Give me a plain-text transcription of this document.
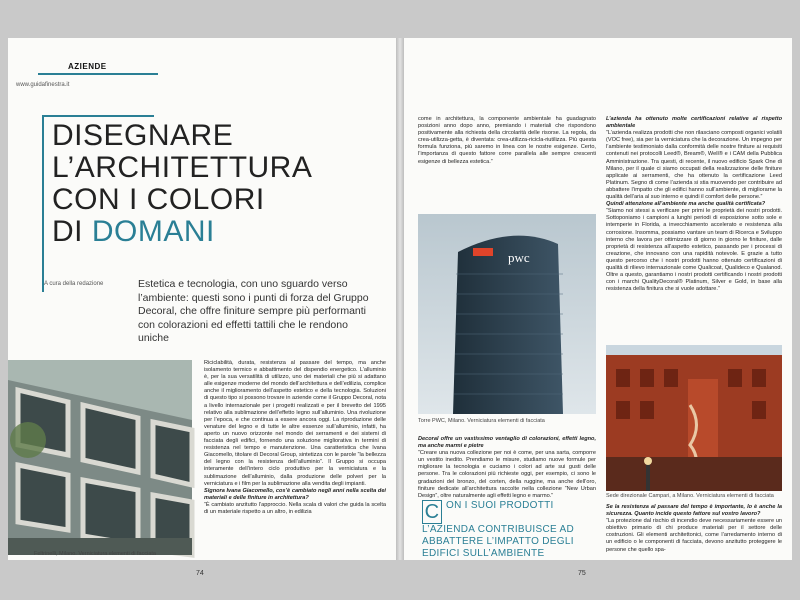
AZIENDE
www.guidafinestra.it
DISEGNARE
L’ARCHITETTURA
CON I COLORI
DI DOMANI
A cura della redazione	Estetica e tecnologia, con uno sguardo verso l’ambiente: questi sono i punti di forza del Gruppo Decoral, che offre finiture sempre più performanti con colorazioni ed effetti tattili che le rendono uniche
Feltrinelli, Milano. Verniciatura elementi di facciata
Riciclabilità, durata, resistenza al passare del tempo, ma anche isolamento termico e abbattimento del dispendio energetico. L’alluminio è, per la sua versatilità di utilizzo, uno dei materiali che più si adattano alle esigenze moderne del mondo dell’architettura e dell’edilizia, complice anche il miglioramento dell’aspetto estetico e della tecnologia. Soluzioni di questo tipo si possono trovare in aziende come il Gruppo Decoral, nota a livello internazionale per i progetti realizzati e per il brevetto del 1995 relativo alla sublimazione dell’effetto legno sull’alluminio. Una rivoluzione per l’epoca, e che continua a essere ancora oggi. La riproduzione delle venature del legno e di tutte le altre essenze sull’alluminio, infatti, ha aperto un nuovo orizzonte nel mondo dei serramenti e dei sistemi di facciata degli edifici, fornendo una soluzione migliorativa in termini di resistenza nel tempo e manutenzione. Una caratteristica che Ivana Giacomello, titolare di Decoral Group, sintetizza con le parole “la bellezza del legno con la resistenza dell’alluminio”. Il Gruppo si occupa interamente dell’intero ciclo produttivo per la verniciatura e la sublimazione dell’alluminio, dalla produzione delle polveri per la verniciatura e i film per la sublimazione alla vendita degli impianti.
Signora Ivana Giacomello, cos’è cambiato negli anni nella scelta dei materiali e delle finiture in architettura?
“È cambiato anzitutto l’approccio. Nella scala di valori che guida la scelta di un materiale rispetto a un altro, in edilizia
74
come in architettura, la componente ambientale ha guadagnato posizioni anno dopo anno, premiando i materiali che rispondono positivamente alla richiesta della circolarità delle risorse. La regola, da crea-utilizza-getta, è diventata: crea-utilizza-ricicla-riutilizza. Più questa formula funziona, più saremo in linea con le nostre esigenze. Certo, l’importanza di questo fattore corre parallela alle sempre crescenti esigenze di bellezza estetica.”
pwc
Torre PWC, Milano. Verniciatura elementi di facciata
Decoral offre un vastissimo ventaglio di colorazioni, effetti legno, ma anche marmi e pietre
“Creare una nuova collezione per noi è come, per una sarta, comporre un vestito inedito. Prendiamo le misure, studiamo nuove formule per migliorare la tecnologia e cuciamo i colori ad arte sui gusti delle persone. Tra le colorazioni più richieste oggi, per esempio, ci sono le gradazioni del bronzo, del corten, della ruggine, ma anche dell’oro, finiture dedicate all’architettura raccolte nella collezione “New Urban Design”, oltre naturalmente agli effetti legno e marmo.”
C ON I SUOI PRODOTTI L’AZIENDA CONTRIBUISCE AD ABBATTERE L’IMPATTO DEGLI EDIFICI SULL’AMBIENTE
75
L’azienda ha ottenuto molte certificazioni relative al rispetto ambientale
“L’azienda realizza prodotti che non rilasciano composti organici volatili (VOC free), sia per la verniciatura che la decorazione. Un impegno per l’ambiente testimoniato dalla conformità delle nostre finiture ai requisiti contenuti nei protocolli Leed®, Bream®, Well® e i CAM della Pubblica Amministrazione. Tra questi, di recente, il nuovo edificio Spark One di Milano, per il quale ci siamo occupati della realizzazione delle finiture applicate ai serramenti, che ha ottenuto la certificazione Leed Platinum. Segno di come l’azienda si stia muovendo per contribuire ad abbattere l’impatto che gli edifici hanno sull’ambiente, di migliorarne la qualità dell’aria al suo interno e quindi il comfort delle persone.”
Quindi attenzione all’ambiente ma anche qualità certificata?
“Siamo noi stessi a verificare per primi le proprietà dei nostri prodotti. Sottoponiamo i campioni a lunghi periodi di esposizione sotto sole e intemperie in Florida, a invecchiamento accelerato e resistenza alla corrosione. Insomma, possiamo vantare un team di Ricerca e Sviluppo interno che lavora per ottimizzare di giorno in giorno le finiture, dalle proprietà di resistenza all’aspetto estetico, passando per i processi di creazione, che innovano con una rapidità notevole. E grazie a tutto questo percorso che i nostri prodotti hanno ottenuto certificazioni di qualità di rilievo internazionale come Qualicoat, Qualideco e Qualanod. Oltre a questo, garantiamo i nostri prodotti certificando i nostri prodotti con i marchi QualityDecoral® Platinum, Silver e Gold, in base alla resistenza della finitura che si vuole adottare.”
Sede direzionale Campari, a Milano. Verniciatura elementi di facciata
Se la resistenza al passare del tempo è importante, lo è anche la sicurezza. Quanto incide questo fattore sul vostro lavoro?
“La protezione dal rischio di incendio deve necessariamente essere un obiettivo primario di chi produce materiali per il settore delle costruzioni. Gli elementi architettonici, come l’arredamento interno di un edificio o le componenti di facciata, devono anzitutto proteggere le persone che quello spa-
